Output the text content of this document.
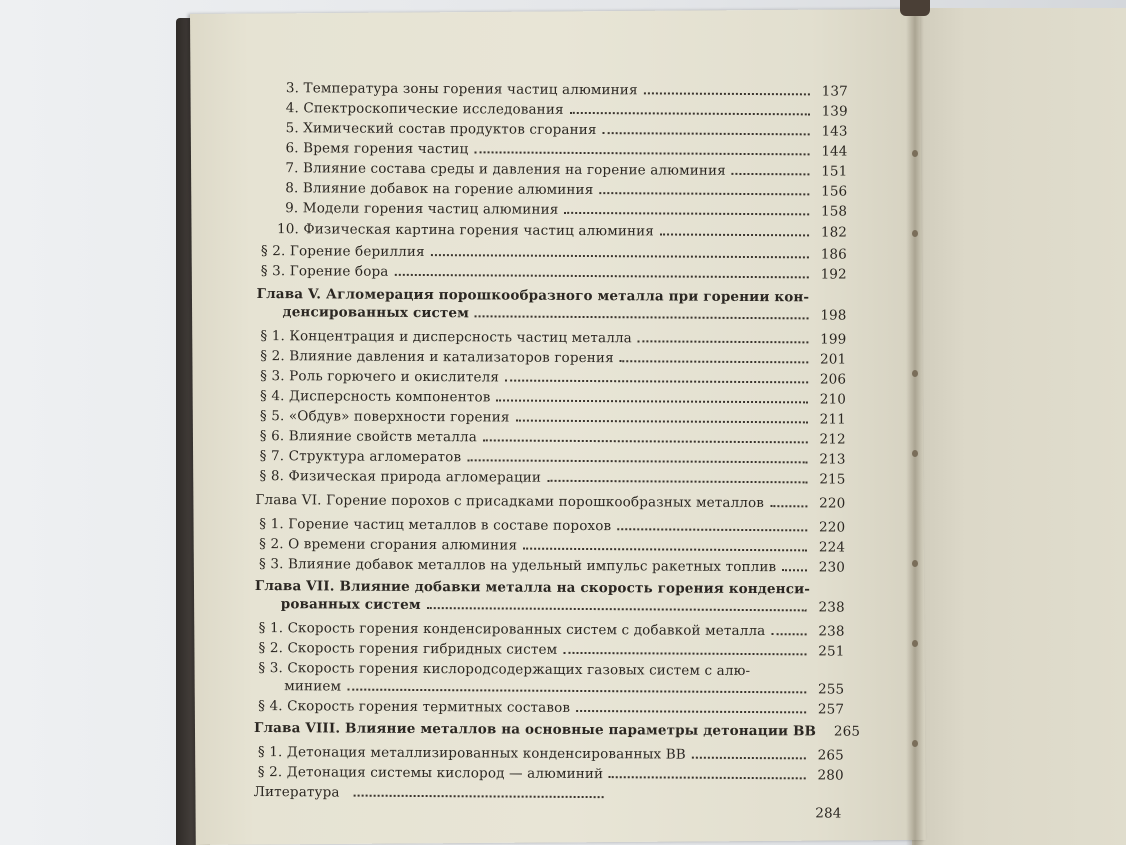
3. Температура зоны горения частиц алюминия	137
4. Спектроскопические исследования	139
5. Химический состав продуктов сгорания	143
6. Время горения частиц	144
7. Влияние состава среды и давления на горение алюминия	151
8. Влияние добавок на горение алюминия	156
9. Модели горения частиц алюминия	158
10. Физическая картина горения частиц алюминия	182
§ 2. Горение бериллия	186
§ 3. Горение бора	192
Глава V. Агломерация порошкообразного металла при горении кон-
денсированных систем	198
§ 1. Концентрация и дисперсность частиц металла	199
§ 2. Влияние давления и катализаторов горения	201
§ 3. Роль горючего и окислителя	206
§ 4. Дисперсность компонентов	210
§ 5. «Обдув» поверхности горения	211
§ 6. Влияние свойств металла	212
§ 7. Структура агломератов	213
§ 8. Физическая природа агломерации	215
Глава VI. Горение порохов с присадками порошкообразных металлов	220
§ 1. Горение частиц металлов в составе порохов	220
§ 2. О времени сгорания алюминия	224
§ 3. Влияние добавок металлов на удельный импульс ракетных топлив	230
Глава VII. Влияние добавки металла на скорость горения конденси-
рованных систем	238
§ 1. Скорость горения конденсированных систем с добавкой металла	238
§ 2. Скорость горения гибридных систем	251
§ 3. Скорость горения кислородсодержащих газовых систем с алю-
минием	255
§ 4. Скорость горения термитных составов	257
Глава VIII. Влияние металлов на основные параметры детонации ВВ 265
§ 1. Детонация металлизированных конденсированных ВВ	265
§ 2. Детонация системы кислород — алюминий	280
Литература
284
